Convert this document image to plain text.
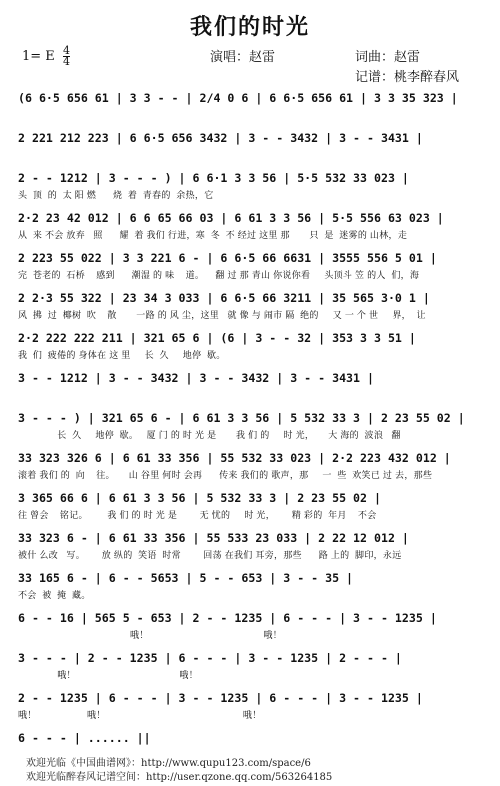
我们的时光
1= E $\frac{4}{4}$	演唱：赵雷	词曲：赵雷
记谱：桃李醉春风
(6 6·5 656 61 | 3 3 - - | 2/4 0 6 | 6 6·5 656 61 | 3 3 35 323 |
2 221 212 223 | 6 6·5 656 3432 | 3 - - 3432 | 3 - - 3431 |
2 - - 1212 | 3 - - - ) | 6 6·1 3 3 56 | 5·5 532 33 023 |
头  顶  的  太 阳 燃      烧  着  青春的  余热，它
2·2 23 42 012 | 6 6 65 66 03 | 6 61 3 3 56 | 5·5 556 63 023 |
从  来 不会 放弃   照      耀  着 我们 行进，寒  冬  不 经过 这里 那       只  是  迷雾的 山林，走
2 223 55 022 | 3 3 221 6 - | 6 6·5 66 6631 | 3555 556 5 01 |
完  苍老的  石桥    感到      潮湿 的 味    道。    翻 过 那 青山 你说你看     头顶斗 笠 的人  们，海
2 2·3 55 322 | 23 34 3 033 | 6 6·5 66 3211 | 35 565 3·0 1 |
风  拂  过  椰树  吹    散       一路 的 风 尘，这里   就 像 与 闹市 隔  绝的     又 一 个 世     界，  让
2·2 222 222 211 | 321 65 6 | (6 | 3 - - 32 | 353 3 3 51 |
我  们  疲倦的 身体在 这 里     长  久     地停  歇。
3 - - 1212 | 3 - - 3432 | 3 - - 3432 | 3 - - 3431 |
3 - - - ) | 321 65 6 - | 6 61 3 3 56 | 5 532 33 3 | 2 23 55 02 |
长  久     地停  歇。   厦 门 的 时 光 是       我 们 的     时 光，     大 海的  波浪   翻
33 323 326 6 | 6 61 33 356 | 55 532 33 023 | 2·2 223 432 012 |
滚着 我们 的  向    往。     山 谷里 何时 会再      传来 我们的 歌声，那     一  些  欢笑已 过 去，那些
3 365 66 6 | 6 61 3 3 56 | 5 532 33 3 | 2 23 55 02 |
往 曾会    铭记。       我 们 的 时 光 是        无 忧的     时 光，      精 彩的  年月    不会
33 323 6 - | 6 61 33 356 | 55 533 23 033 | 2 22 12 012 |
被什 么改   写。      放 纵的  笑语  时常        回荡 在我们 耳旁，那些      路 上的  脚印，永远
33 165 6 - | 6 - - 5653 | 5 - - 653 | 3 - - 35 |
不会  被  掩  藏。
6 - - 16 | 565 5 - 653 | 2 - - 1235 | 6 - - - | 3 - - 1235 |
哦！                                         哦！
3 - - - | 2 - - 1235 | 6 - - - | 3 - - 1235 | 2 - - - |
哦！                                     哦！
2 - - 1235 | 6 - - - | 3 - - 1235 | 6 - - - | 3 - - 1235 |
哦！                  哦！                                                 哦！
6 - - - | ...... ||
欢迎光临《中国曲谱网》：http://www.qupu123.com/space/6
欢迎光临醉春风记谱空间：http://user.qzone.qq.com/563264185
